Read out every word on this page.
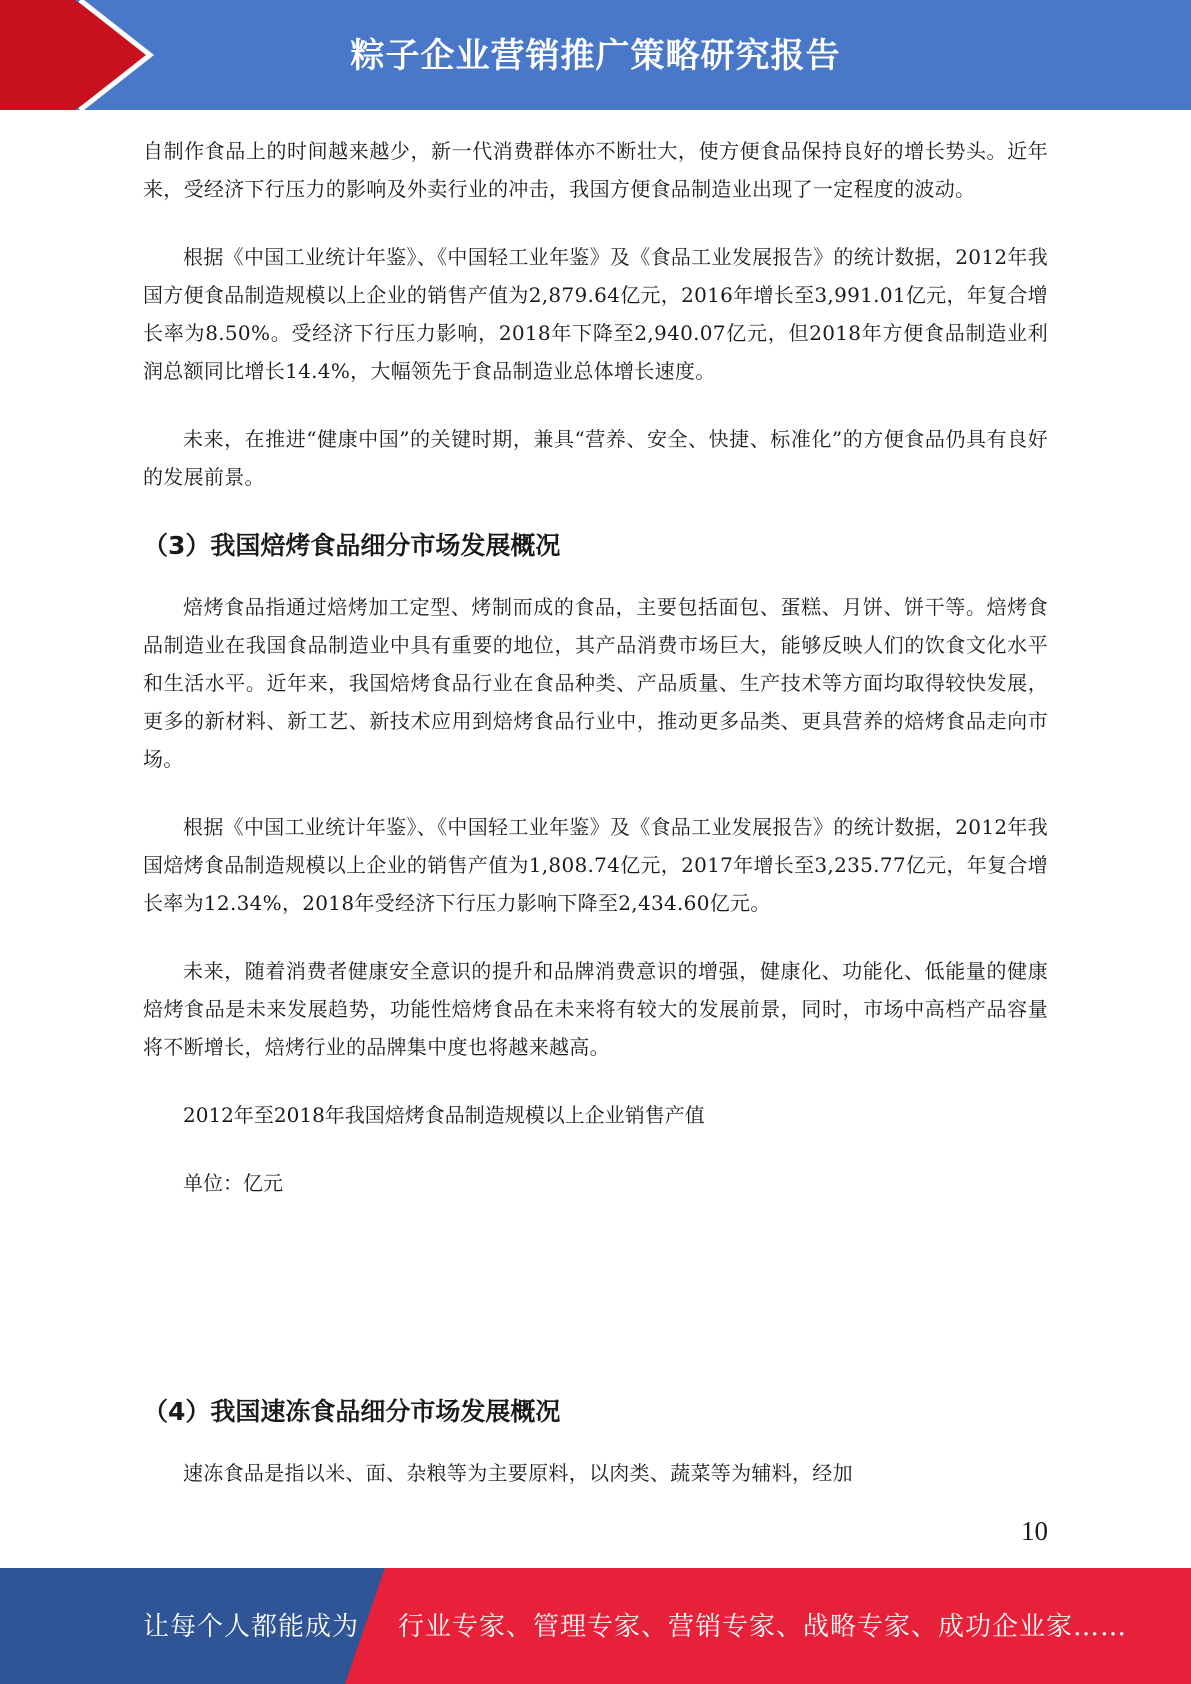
粽子企业营销推广策略研究报告

自制作食品上的时间越来越少，新一代消费群体亦不断壮大，使方便食品保持良好的增长势头。近年来，受经济下行压力的影响及外卖行业的冲击，我国方便食品制造业出现了一定程度的波动。

根据《中国工业统计年鉴》、《中国轻工业年鉴》及《食品工业发展报告》的统计数据，2012年我国方便食品制造规模以上企业的销售产值为2,879.64亿元，2016年增长至3,991.01亿元，年复合增长率为8.50%。受经济下行压力影响，2018年下降至2,940.07亿元，但2018年方便食品制造业利润总额同比增长14.4%，大幅领先于食品制造业总体增长速度。

未来，在推进“健康中国”的关键时期，兼具“营养、安全、快捷、标准化”的方便食品仍具有良好的发展前景。

（3）我国焙烤食品细分市场发展概况

焙烤食品指通过焙烤加工定型、烤制而成的食品，主要包括面包、蛋糕、月饼、饼干等。焙烤食品制造业在我国食品制造业中具有重要的地位，其产品消费市场巨大，能够反映人们的饮食文化水平和生活水平。近年来，我国焙烤食品行业在食品种类、产品质量、生产技术等方面均取得较快发展，更多的新材料、新工艺、新技术应用到焙烤食品行业中，推动更多品类、更具营养的焙烤食品走向市场。

根据《中国工业统计年鉴》、《中国轻工业年鉴》及《食品工业发展报告》的统计数据，2012年我国焙烤食品制造规模以上企业的销售产值为1,808.74亿元，2017年增长至3,235.77亿元，年复合增长率为12.34%，2018年受经济下行压力影响下降至2,434.60亿元。

未来，随着消费者健康安全意识的提升和品牌消费意识的增强，健康化、功能化、低能量的健康焙烤食品是未来发展趋势，功能性焙烤食品在未来将有较大的发展前景，同时，市场中高档产品容量将不断增长，焙烤行业的品牌集中度也将越来越高。

2012年至2018年我国焙烤食品制造规模以上企业销售产值

单位：亿元

（4）我国速冻食品细分市场发展概况

速冻食品是指以米、面、杂粮等为主要原料，以肉类、蔬菜等为辅料，经加

10
让每个人都能成为 行业专家、管理专家、营销专家、战略专家、成功企业家……
